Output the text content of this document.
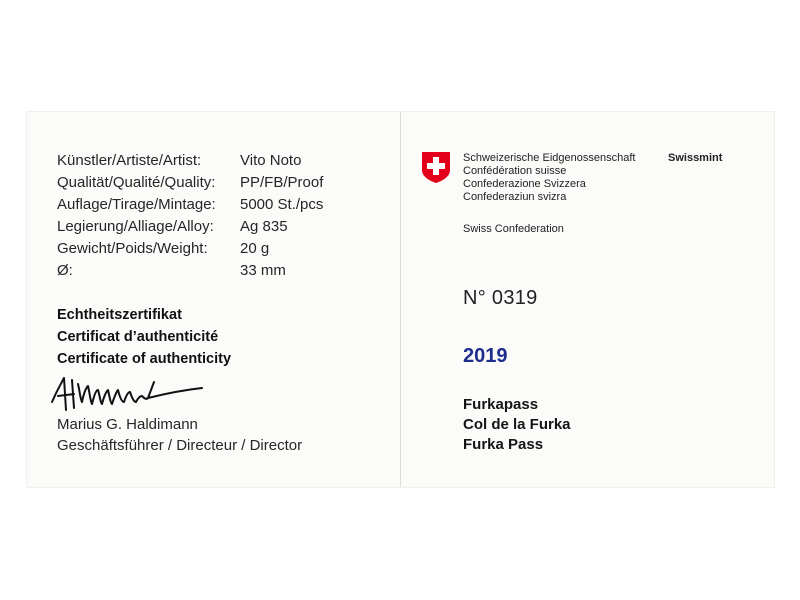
Künstler/Artiste/Artist:	Vito Noto
Qualität/Qualité/Quality:	PP/FB/Proof
Auflage/Tirage/Mintage:	5000 St./pcs
Legierung/Alliage/Alloy:	Ag 835
Gewicht/Poids/Weight:	20 g
Ø:	33 mm
Echtheitszertifikat
Certificat d’authenticité
Certificate of authenticity
Marius G. Haldimann
Geschäftsführer / Directeur / Director
Schweizerische Eidgenossenschaft
Confédération suisse
Confederazione Svizzera
Confederaziun svizra
Swissmint
Swiss Confederation
N° 0319
2019
Furkapass
Col de la Furka
Furka Pass
